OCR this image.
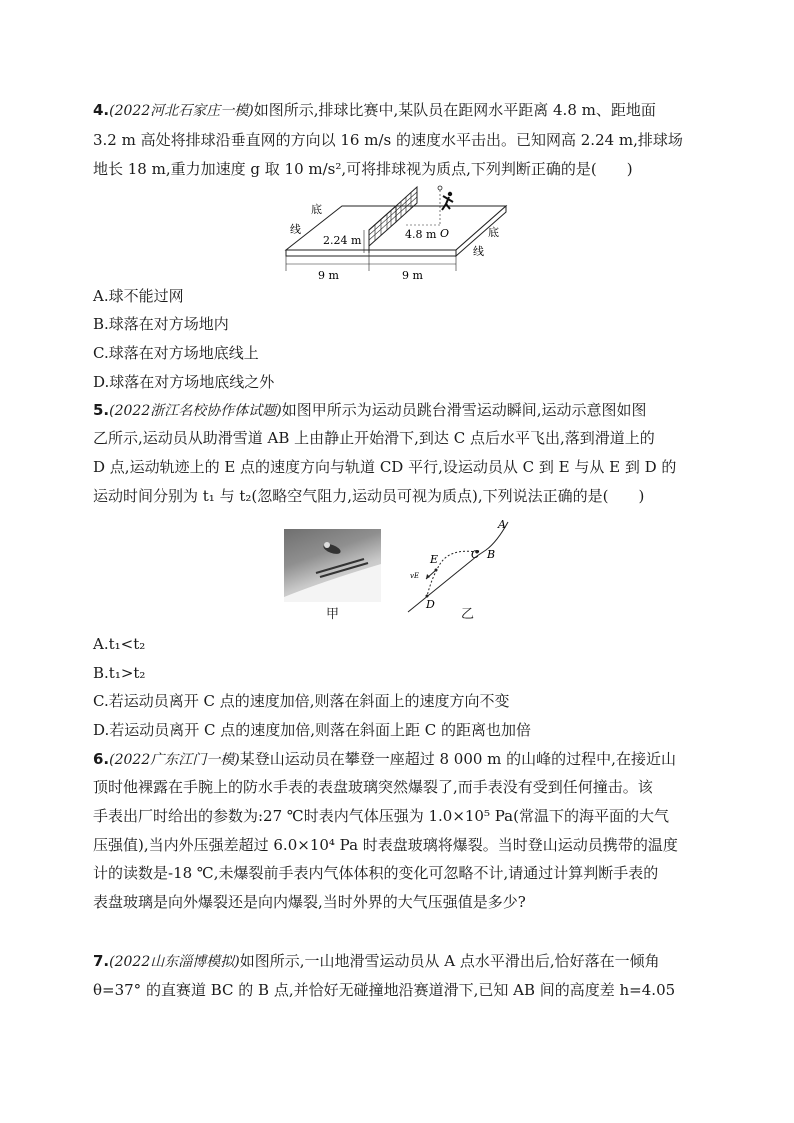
4.(2022河北石家庄一模)如图所示,排球比赛中,某队员在距网水平距离 4.8 m、距地面
3.2 m 高处将排球沿垂直网的方向以 16 m/s 的速度水平击出。已知网高 2.24 m,排球场
地长 18 m,重力加速度 g 取 10 m/s²,可将排球视为质点,下列判断正确的是(　　)
底
线
2.24 m	4.8 m O	底
线
9 m	9 m
A.球不能过网
B.球落在对方场地内
C.球落在对方场地底线上
D.球落在对方场地底线之外
5.(2022浙江名校协作体试题)如图甲所示为运动员跳台滑雪运动瞬间,运动示意图如图
乙所示,运动员从助滑雪道 AB 上由静止开始滑下,到达 C 点后水平飞出,落到滑道上的
D 点,运动轨迹上的 E 点的速度方向与轨道 CD 平行,设运动员从 C 到 E 与从 E 到 D 的
运动时间分别为 t₁ 与 t₂(忽略空气阻力,运动员可视为质点),下列说法正确的是(　　)
甲
A
B
C
E
vE
D
乙
A.t₁<t₂
B.t₁>t₂
C.若运动员离开 C 点的速度加倍,则落在斜面上的速度方向不变
D.若运动员离开 C 点的速度加倍,则落在斜面上距 C 的距离也加倍
6.(2022广东江门一模)某登山运动员在攀登一座超过 8 000 m 的山峰的过程中,在接近山
顶时他裸露在手腕上的防水手表的表盘玻璃突然爆裂了,而手表没有受到任何撞击。该
手表出厂时给出的参数为:27 ℃时表内气体压强为 1.0×10⁵ Pa(常温下的海平面的大气
压强值),当内外压强差超过 6.0×10⁴ Pa 时表盘玻璃将爆裂。当时登山运动员携带的温度
计的读数是-18 ℃,未爆裂前手表内气体体积的变化可忽略不计,请通过计算判断手表的
表盘玻璃是向外爆裂还是向内爆裂,当时外界的大气压强值是多少?
7.(2022山东淄博模拟)如图所示,一山地滑雪运动员从 A 点水平滑出后,恰好落在一倾角
θ=37° 的直赛道 BC 的 B 点,并恰好无碰撞地沿赛道滑下,已知 AB 间的高度差 h=4.05
